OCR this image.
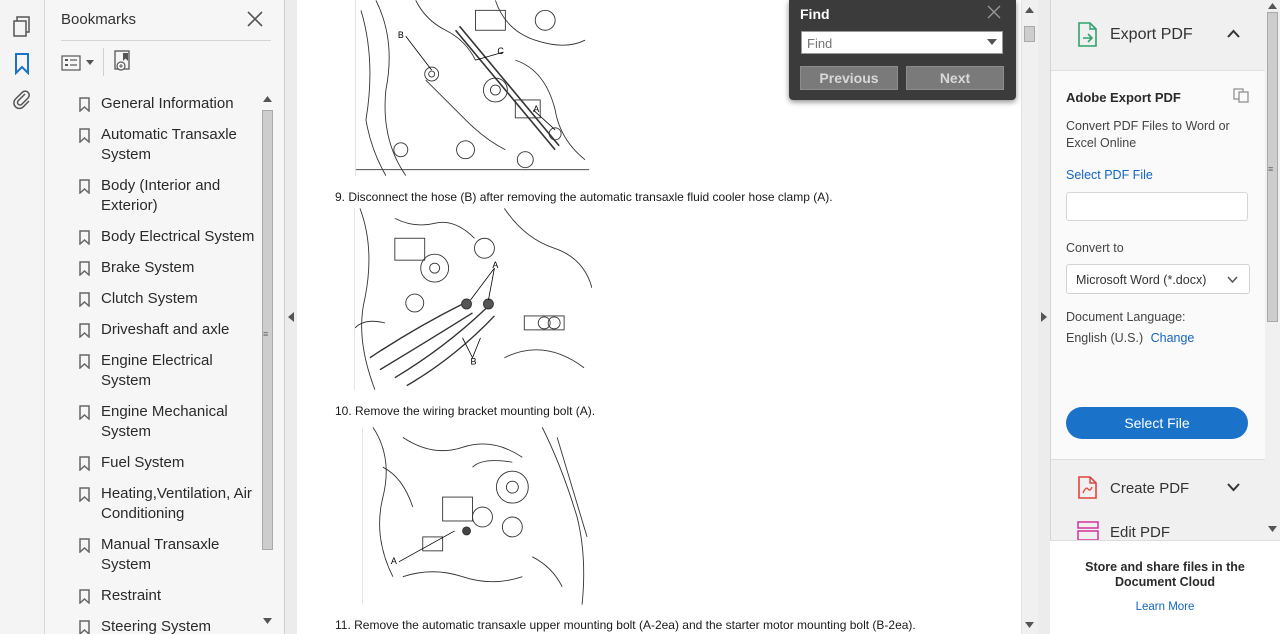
Bookmarks
General Information
Automatic Transaxle System
Body (Interior and Exterior)
Body Electrical System
Brake System
Clutch System
Driveshaft and axle
Engine Electrical System
Engine Mechanical System
Fuel System
Heating,Ventilation, Air Conditioning
Manual Transaxle System
Restraint
Steering System
≡
B
C
A
9. Disconnect the hose (B) after removing the automatic transaxle fluid cooler hose clamp (A).
A
B
10. Remove the wiring bracket mounting bolt (A).
A
11. Remove the automatic transaxle upper mounting bolt (A-2ea) and the starter motor mounting bolt (B-2ea).
Find
Find
Previous	Next
Export PDF
Adobe Export PDF
Convert PDF Files to Word or Excel Online
Select PDF File
Convert to
Microsoft Word (*.docx)
Document Language:
English (U.S.) Change
Select File
Create PDF
Edit PDF
≡
Store and share files in the Document Cloud
Learn More
